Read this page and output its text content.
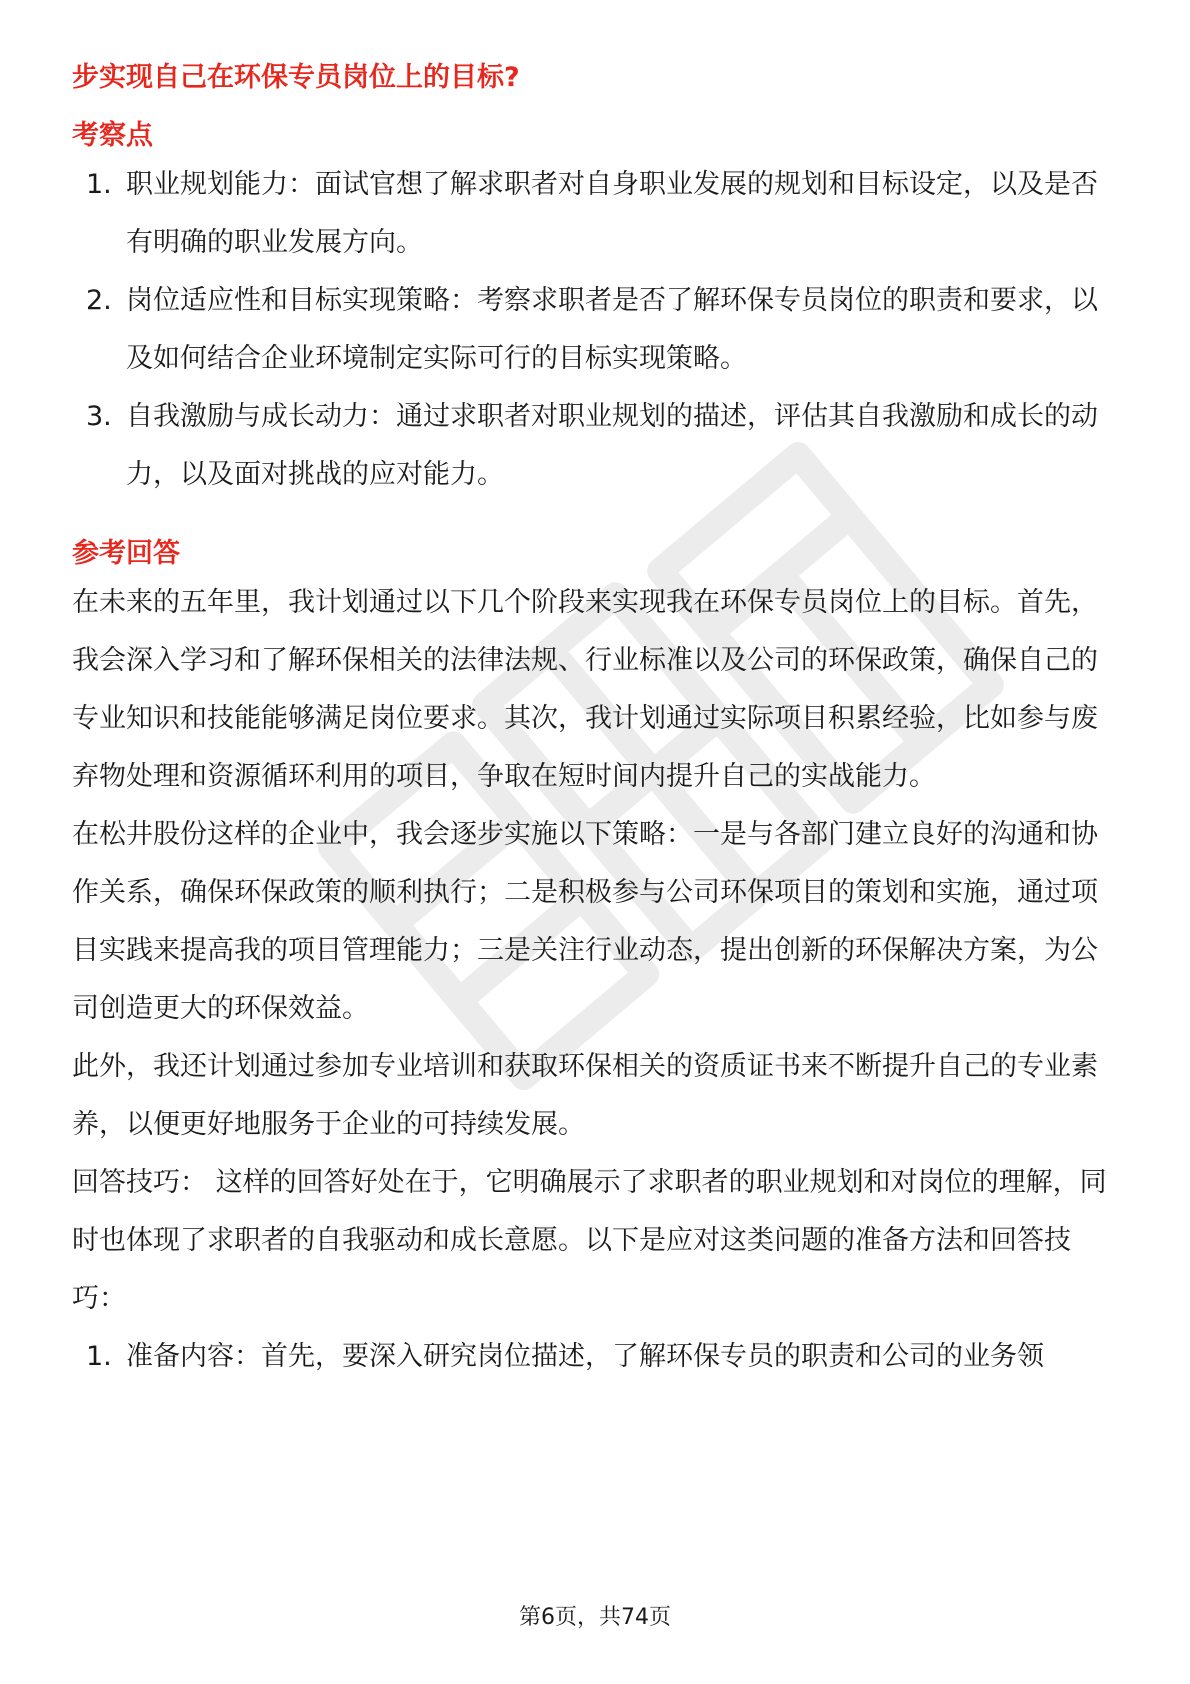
步实现自己在环保专员岗位上的目标?
考察点
1. 职业规划能力：面试官想了解求职者对自身职业发展的规划和目标设定，以及是否有明确的职业发展方向。
2. 岗位适应性和目标实现策略：考察求职者是否了解环保专员岗位的职责和要求，以及如何结合企业环境制定实际可行的目标实现策略。
3. 自我激励与成长动力：通过求职者对职业规划的描述，评估其自我激励和成长的动力，以及面对挑战的应对能力。
参考回答

在未来的五年里，我计划通过以下几个阶段来实现我在环保专员岗位上的目标。首先，我会深入学习和了解环保相关的法律法规、行业标准以及公司的环保政策，确保自己的专业知识和技能能够满足岗位要求。其次，我计划通过实际项目积累经验，比如参与废弃物处理和资源循环利用的项目，争取在短时间内提升自己的实战能力。

在松井股份这样的企业中，我会逐步实施以下策略：一是与各部门建立良好的沟通和协作关系，确保环保政策的顺利执行；二是积极参与公司环保项目的策划和实施，通过项目实践来提高我的项目管理能力；三是关注行业动态，提出创新的环保解决方案，为公司创造更大的环保效益。

此外，我还计划通过参加专业培训和获取环保相关的资质证书来不断提升自己的专业素养，以便更好地服务于企业的可持续发展。

回答技巧： 这样的回答好处在于，它明确展示了求职者的职业规划和对岗位的理解，同时也体现了求职者的自我驱动和成长意愿。以下是应对这类问题的准备方法和回答技巧：

1. 准备内容：首先，要深入研究岗位描述，了解环保专员的职责和公司的业务领
第6页，共74页
